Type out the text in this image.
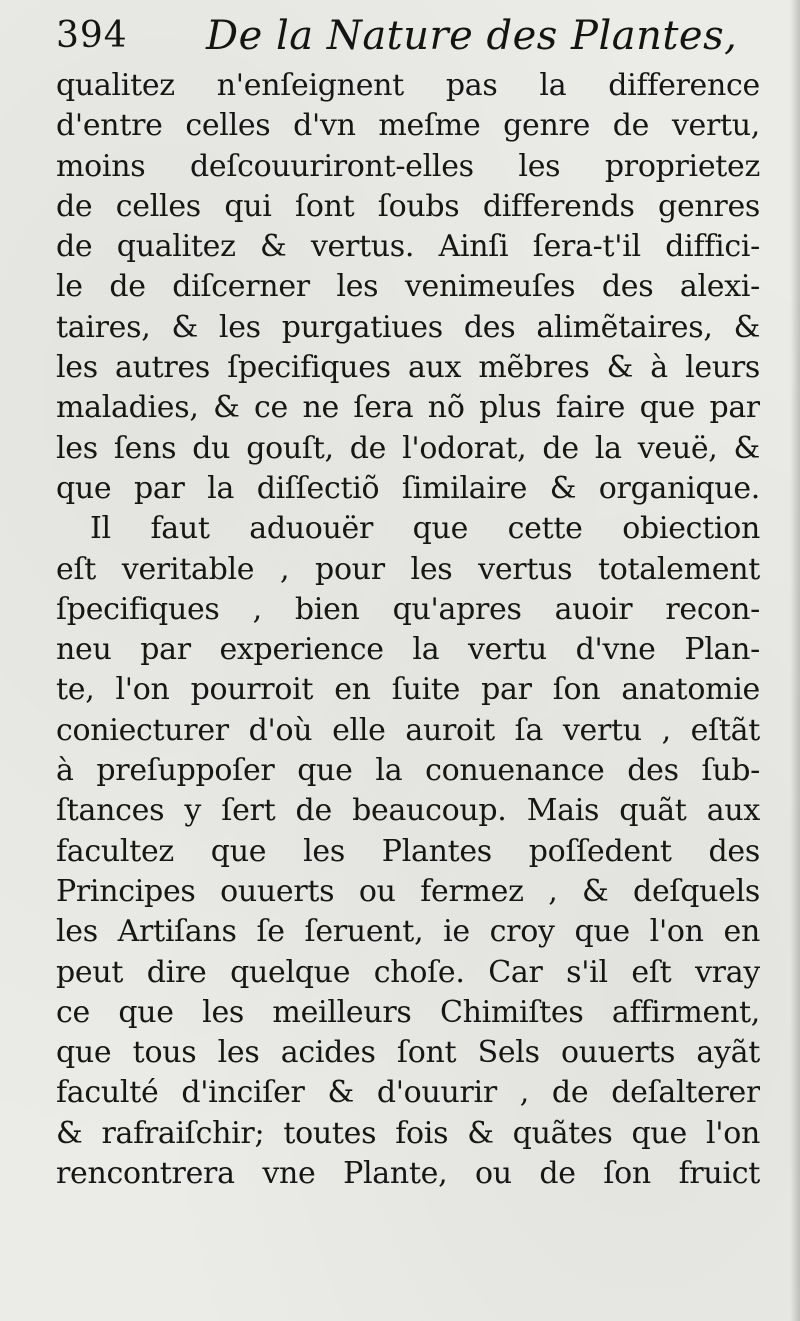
394 De la Nature des Plantes,
qualitez n'enſeignent pas la difference
d'entre celles d'vn meſme genre de vertu,
moins deſcouuriront-elles les proprietez
de celles qui ſont ſoubs differends genres
de qualitez & vertus. Ainſi ſera-t'il diffici-
le de diſcerner les venimeuſes des alexi-
taires, & les purgatiues des alimẽtaires, &
les autres ſpecifiques aux mẽbres & à leurs
maladies, & ce ne ſera nõ plus faire que par
les ſens du gouſt, de l'odorat, de la veuë, &
que par la diſſectiõ ſimilaire & organique.
Il faut aduouër que cette obiection
eſt veritable , pour les vertus totalement
ſpecifiques , bien qu'apres auoir recon-
neu par experience la vertu d'vne Plan-
te, l'on pourroit en ſuite par ſon anatomie
coniecturer d'où elle auroit ſa vertu , eſtãt
à preſuppoſer que la conuenance des ſub-
ſtances y ſert de beaucoup. Mais quãt aux
facultez que les Plantes poſſedent des
Principes ouuerts ou fermez , & deſquels
les Artiſans ſe ſeruent, ie croy que l'on en
peut dire quelque choſe. Car s'il eſt vray
ce que les meilleurs Chimiſtes affirment,
que tous les acides ſont Sels ouuerts ayãt
faculté d'inciſer & d'ouurir , de deſalterer
& rafraiſchir; toutes fois & quãtes que l'on
rencontrera vne Plante, ou de ſon fruict
